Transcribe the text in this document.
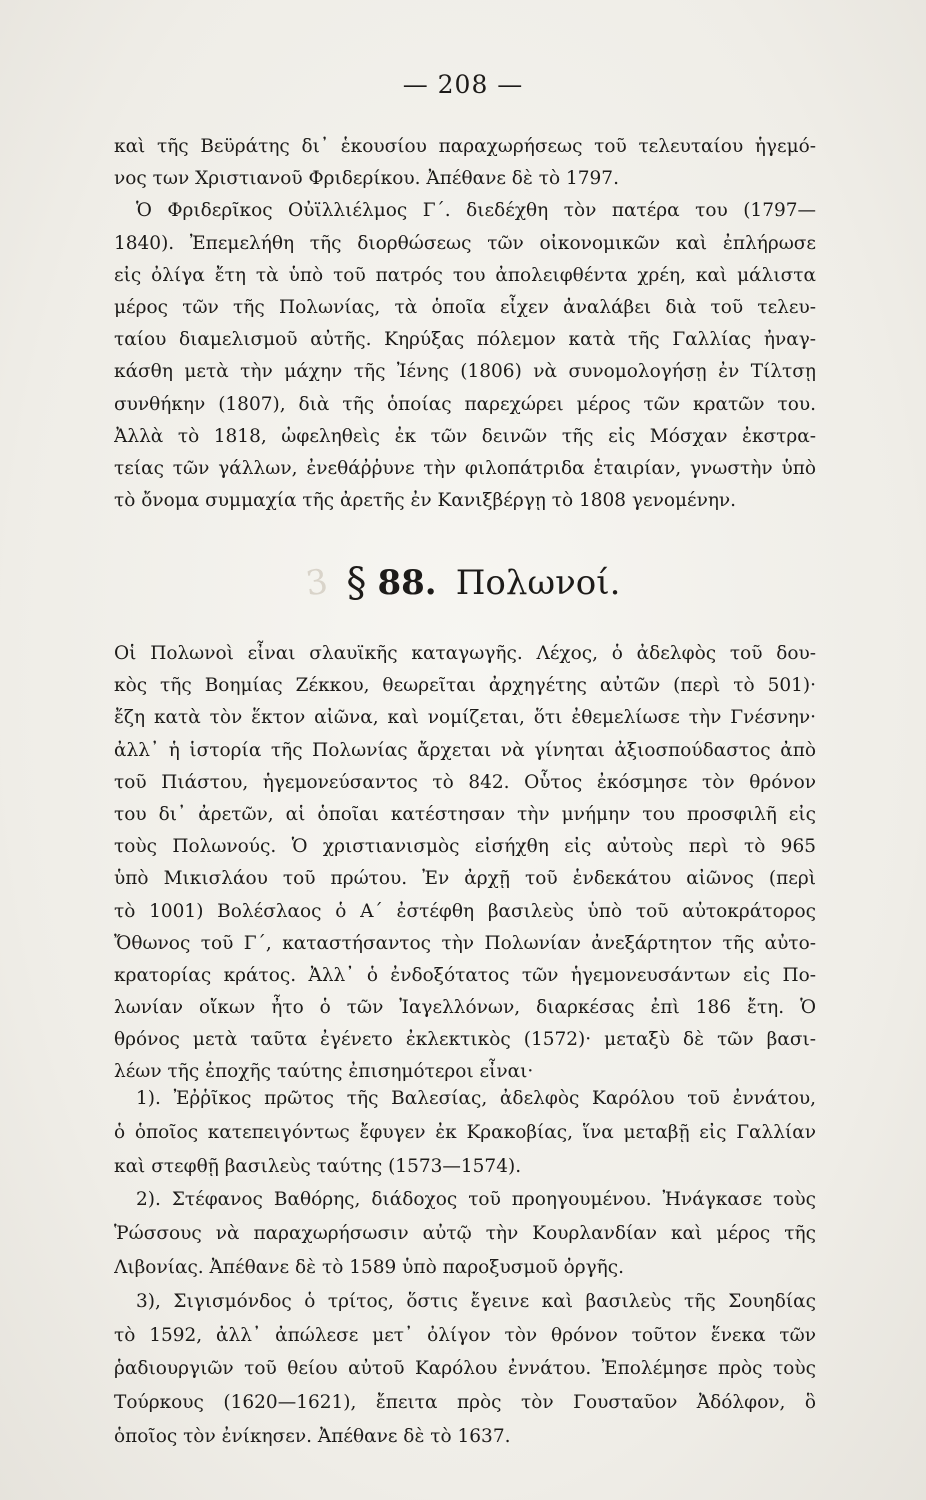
— 208 —
καὶ τῆς Βεϋράτης δι᾽ ἑκουσίου παραχωρήσεως τοῦ τελευταίου ἡγεμό-
νος των Χριστιανοῦ Φριδερίκου. Ἀπέθανε δὲ τὸ 1797.
Ὁ Φριδερῖκος Οὐϊλλιέλμος Γ΄. διεδέχθη τὸν πατέρα του (1797—
1840). Ἐπεμελήθη τῆς διορθώσεως τῶν οἰκονομικῶν καὶ ἐπλήρωσε
εἰς ὀλίγα ἔτη τὰ ὑπὸ τοῦ πατρός του ἀπολειφθέντα χρέη, καὶ μάλιστα
μέρος τῶν τῆς Πολωνίας, τὰ ὁποῖα εἶχεν ἀναλάβει διὰ τοῦ τελευ-
ταίου διαμελισμοῦ αὐτῆς. Κηρύξας πόλεμον κατὰ τῆς Γαλλίας ἠναγ-
κάσθη μετὰ τὴν μάχην τῆς Ἰένης (1806) νὰ συνομολογήσῃ ἐν Τίλτσῃ
συνθήκην (1807), διὰ τῆς ὁποίας παρεχώρει μέρος τῶν κρατῶν του.
Ἀλλὰ τὸ 1818, ὠφεληθεὶς ἐκ τῶν δεινῶν τῆς εἰς Μόσχαν ἐκστρα-
τείας τῶν γάλλων, ἐνεθάῤῥυνε τὴν φιλοπάτριδα ἑταιρίαν, γνωστὴν ὑπὸ
τὸ ὄνομα συμμαχία τῆς ἀρετῆς ἐν Κανιξβέργῃ τὸ 1808 γενομένην.
3 § 88. Πολωνοί.
Οἱ Πολωνοὶ εἶναι σλαυϊκῆς καταγωγῆς. Λέχος, ὁ ἀδελφὸς τοῦ δου-
κὸς τῆς Βοημίας Ζέκκου, θεωρεῖται ἀρχηγέτης αὐτῶν (περὶ τὸ 501)·
ἔζη κατὰ τὸν ἕκτον αἰῶνα, καὶ νομίζεται, ὅτι ἐθεμελίωσε τὴν Γνέσνην·
ἀλλ᾽ ἡ ἱστορία τῆς Πολωνίας ἄρχεται νὰ γίνηται ἀξιοσπούδαστος ἀπὸ
τοῦ Πιάστου, ἡγεμονεύσαντος τὸ 842. Οὗτος ἐκόσμησε τὸν θρόνον
του δι᾽ ἀρετῶν, αἱ ὁποῖαι κατέστησαν τὴν μνήμην του προσφιλῆ εἰς
τοὺς Πολωνούς. Ὁ χριστιανισμὸς εἰσήχθη εἰς αὐτοὺς περὶ τὸ 965
ὑπὸ Μικισλάου τοῦ πρώτου. Ἐν ἀρχῇ τοῦ ἑνδεκάτου αἰῶνος (περὶ
τὸ 1001) Βολέσλαος ὁ Α΄ ἐστέφθη βασιλεὺς ὑπὸ τοῦ αὐτοκράτορος
Ὄθωνος τοῦ Γ΄, καταστήσαντος τὴν Πολωνίαν ἀνεξάρτητον τῆς αὐτο-
κρατορίας κράτος. Ἀλλ᾽ ὁ ἐνδοξότατος τῶν ἡγεμονευσάντων εἰς Πο-
λωνίαν οἴκων ἦτο ὁ τῶν Ἰαγελλόνων, διαρκέσας ἐπὶ 186 ἔτη. Ὁ
θρόνος μετὰ ταῦτα ἐγένετο ἐκλεκτικὸς (1572)· μεταξὺ δὲ τῶν βασι-
λέων τῆς ἐποχῆς ταύτης ἐπισημότεροι εἶναι·
1). Ἐῤῥῖκος πρῶτος τῆς Βαλεσίας, ἀδελφὸς Καρόλου τοῦ ἐννάτου,
ὁ ὁποῖος κατεπειγόντως ἔφυγεν ἐκ Κρακοβίας, ἵνα μεταβῇ εἰς Γαλλίαν
καὶ στεφθῇ βασιλεὺς ταύτης (1573—1574).
2). Στέφανος Βαθόρης, διάδοχος τοῦ προηγουμένου. Ἠνάγκασε τοὺς
Ῥώσσους νὰ παραχωρήσωσιν αὐτῷ τὴν Κουρλανδίαν καὶ μέρος τῆς
Λιβονίας. Ἀπέθανε δὲ τὸ 1589 ὑπὸ παροξυσμοῦ ὀργῆς.
3), Σιγισμόνδος ὁ τρίτος, ὅστις ἔγεινε καὶ βασιλεὺς τῆς Σουηδίας
τὸ 1592, ἀλλ᾽ ἀπώλεσε μετ᾽ ὀλίγον τὸν θρόνον τοῦτον ἕνεκα τῶν
ῥαδιουργιῶν τοῦ θείου αὐτοῦ Καρόλου ἐννάτου. Ἐπολέμησε πρὸς τοὺς
Τούρκους (1620—1621), ἔπειτα πρὸς τὸν Γουσταῦον Ἀδόλφον, ὃ
ὁποῖος τὸν ἐνίκησεν. Ἀπέθανε δὲ τὸ 1637.
